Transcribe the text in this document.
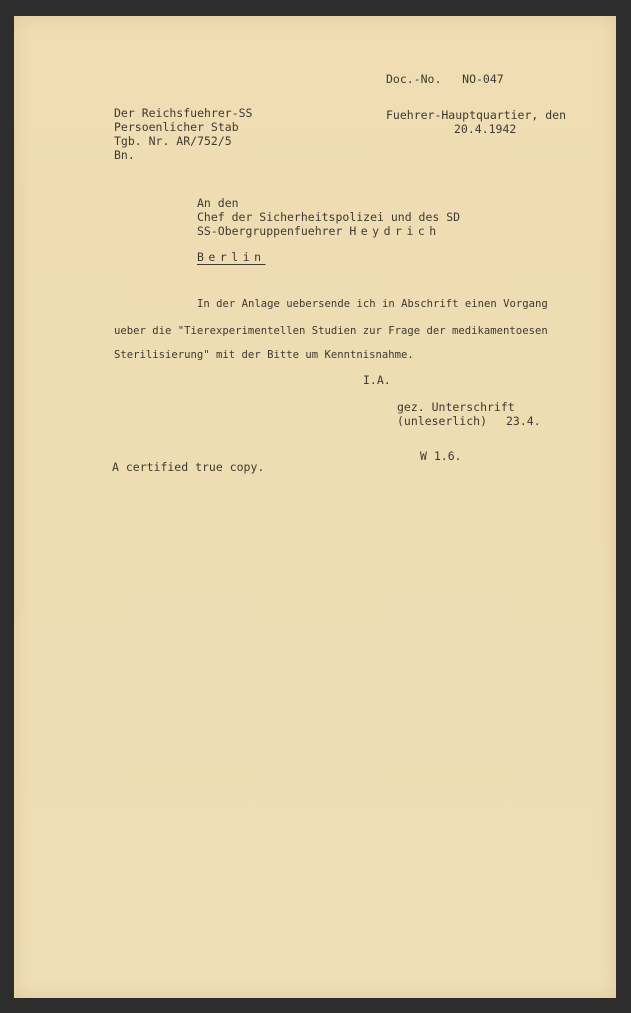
Doc.-No.   NO-047
Der Reichsfuehrer-SS
Persoenlicher Stab
Tgb. Nr. AR/752/5
Bn.
Fuehrer-Hauptquartier, den
20.4.1942
An den
Chef der Sicherheitspolizei und des SD
SS-Obergruppenfuehrer Heydrich
Berlin
In der Anlage uebersende ich in Abschrift einen Vorgang
ueber die "Tierexperimentellen Studien zur Frage der medikamentoesen
Sterilisierung" mit der Bitte um Kenntnisnahme.
I.A.
gez. Unterschrift
(unleserlich) 23.4.
W 1.6.
A certified true copy.
